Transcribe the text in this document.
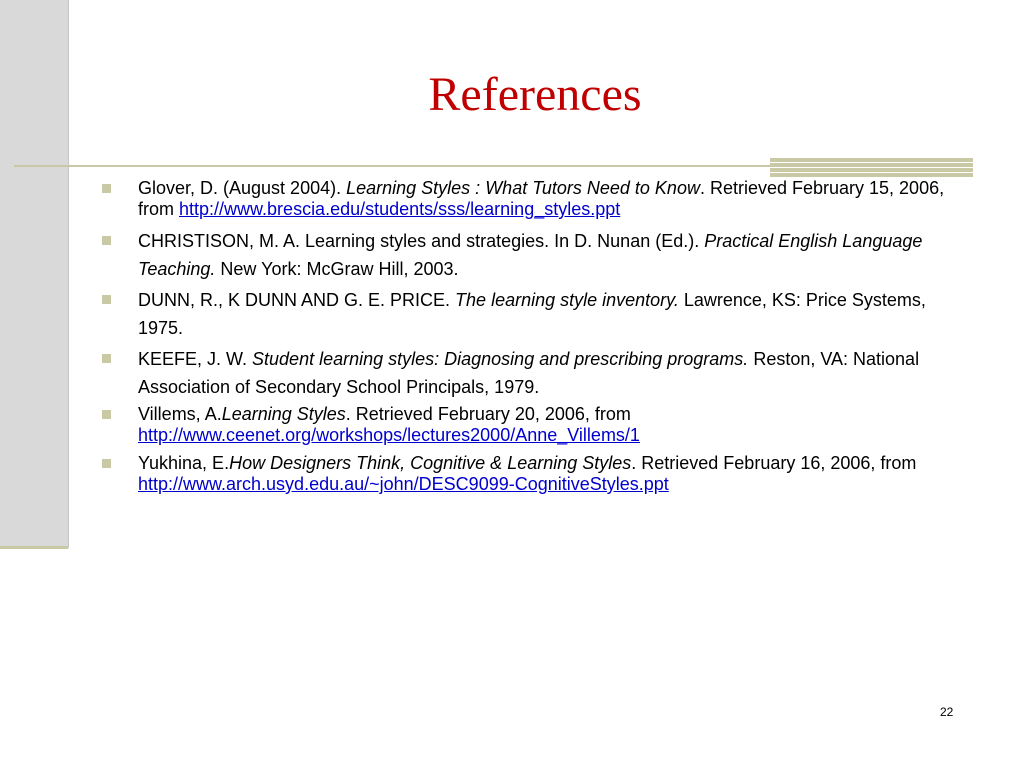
References
Glover, D. (August 2004). Learning Styles : What Tutors Need to Know. Retrieved February 15, 2006, from http://www.brescia.edu/students/sss/learning_styles.ppt
CHRISTISON, M. A. Learning styles and strategies. In D. Nunan (Ed.). Practical English Language Teaching. New York: McGraw Hill, 2003.
DUNN, R., K DUNN AND G. E. PRICE. The learning style inventory. Lawrence, KS: Price Systems, 1975.
KEEFE, J. W. Student learning styles: Diagnosing and prescribing programs. Reston, VA: National Association of Secondary School Principals, 1979.
Villems, A.Learning Styles. Retrieved February 20, 2006, from http://www.ceenet.org/workshops/lectures2000/Anne_Villems/1
Yukhina, E.How Designers Think, Cognitive & Learning Styles. Retrieved February 16, 2006, from http://www.arch.usyd.edu.au/~john/DESC9099-CognitiveStyles.ppt
22
